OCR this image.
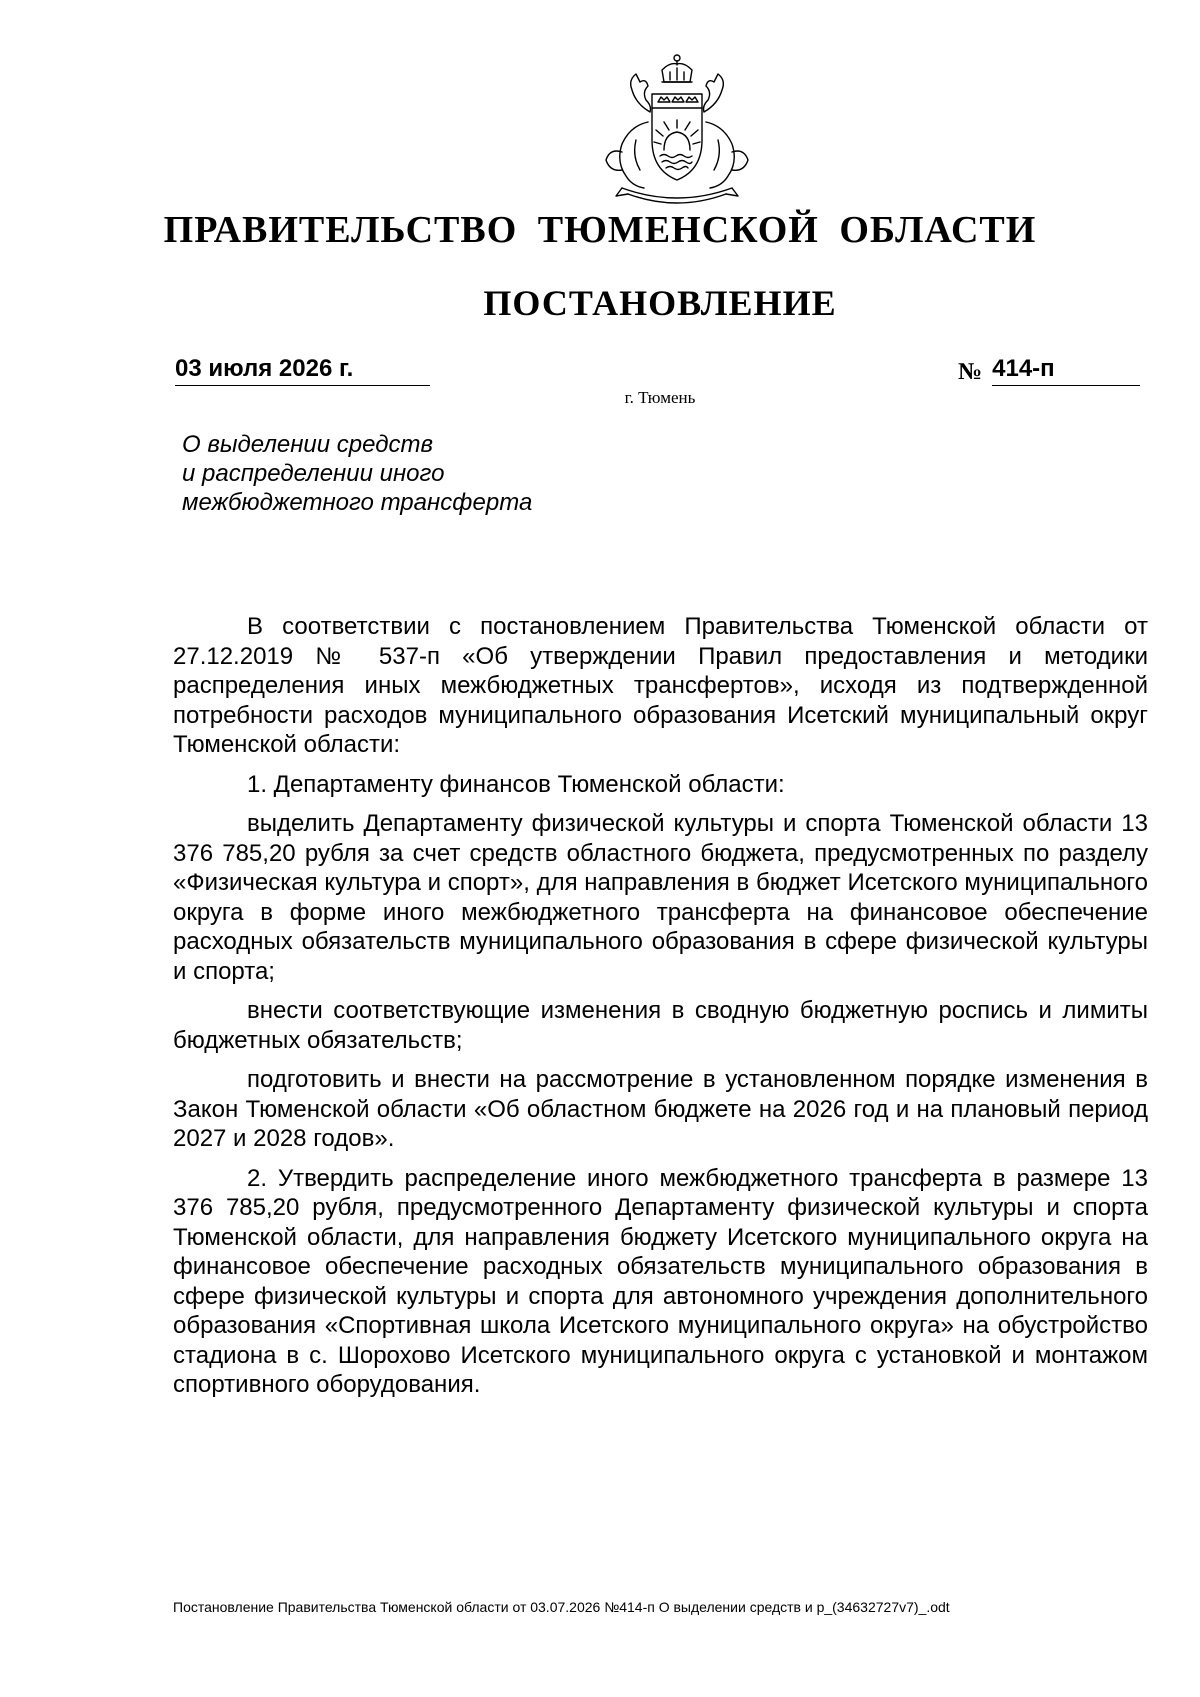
ПРАВИТЕЛЬСТВО ТЮМЕНСКОЙ ОБЛАСТИ
ПОСТАНОВЛЕНИЕ
03 июля 2026 г.	№ 414-п
г. Тюмень
О выделении средств
и распределении иного
межбюджетного трансферта

В соответствии с постановлением Правительства Тюменской области от 27.12.2019 № 537-п «Об утверждении Правил предоставления и методики распределения иных межбюджетных трансфертов», исходя из подтвержденной потребности расходов муниципального образования Исетский муниципальный округ Тюменской области:

1. Департаменту финансов Тюменской области:

выделить Департаменту физической культуры и спорта Тюменской области 13 376 785,20 рубля за счет средств областного бюджета, предусмотренных по разделу «Физическая культура и спорт», для направления в бюджет Исетского муниципального округа в форме иного межбюджетного трансферта на финансовое обеспечение расходных обязательств муниципального образования в сфере физической культуры и спорта;

внести соответствующие изменения в сводную бюджетную роспись и лимиты бюджетных обязательств;

подготовить и внести на рассмотрение в установленном порядке изменения в Закон Тюменской области «Об областном бюджете на 2026 год и на плановый период 2027 и 2028 годов».

2. Утвердить распределение иного межбюджетного трансферта в размере 13 376 785,20 рубля, предусмотренного Департаменту физической культуры и спорта Тюменской области, для направления бюджету Исетского муниципального округа на финансовое обеспечение расходных обязательств муниципального образования в сфере физической культуры и спорта для автономного учреждения дополнительного образования «Спортивная школа Исетского муниципального округа» на обустройство стадиона в с. Шорохово Исетского муниципального округа с установкой и монтажом спортивного оборудования.

Постановление Правительства Тюменской области от 03.07.2026 №414-п О выделении средств и р_(34632727v7)_.odt
